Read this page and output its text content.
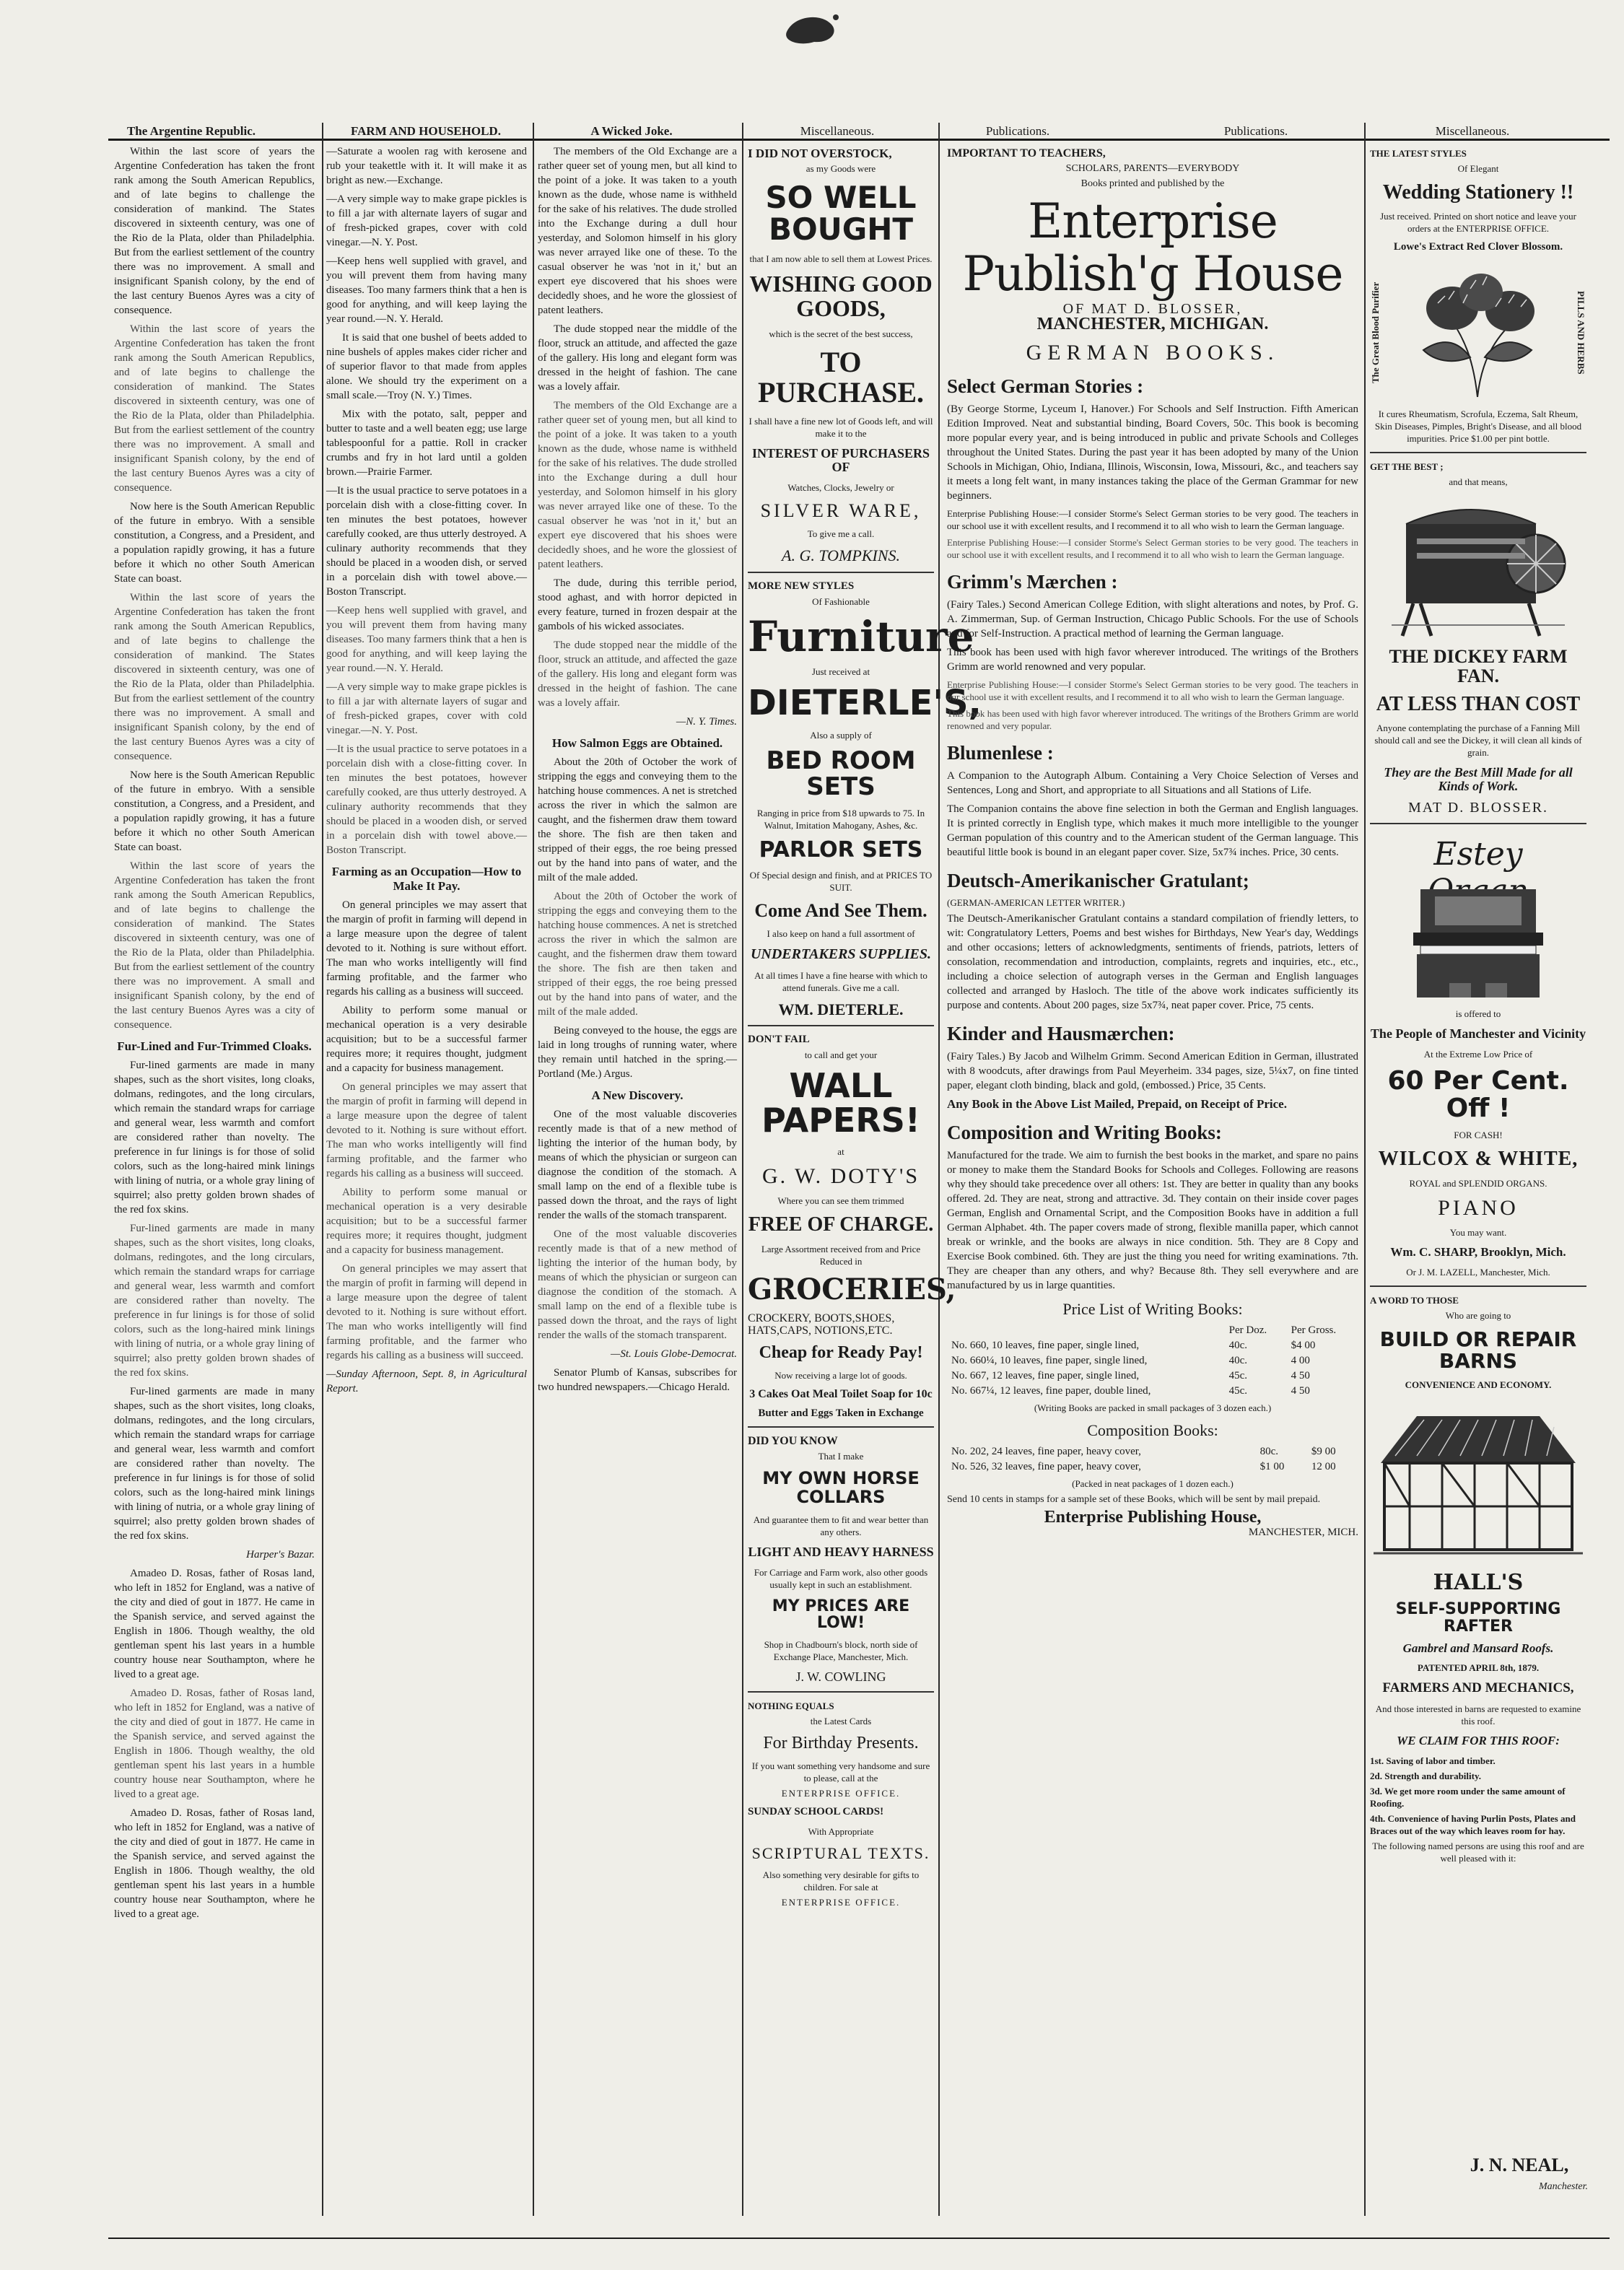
The Argentine Republic.	FARM AND HOUSEHOLD.	A Wicked Joke.	Miscellaneous.	Publications.	Publications.	Miscellaneous.

Within the last score of years the Argentine Confederation has taken the front rank among the South American Republics, and of late begins to challenge the consideration of mankind. The States discovered in sixteenth century, was one of the Rio de la Plata, older than Philadelphia. But from the earliest settlement of the country there was no improvement. A small and insignificant Spanish colony, by the end of the last century Buenos Ayres was a city of consequence.

Within the last score of years the Argentine Confederation has taken the front rank among the South American Republics, and of late begins to challenge the consideration of mankind. The States discovered in sixteenth century, was one of the Rio de la Plata, older than Philadelphia. But from the earliest settlement of the country there was no improvement. A small and insignificant Spanish colony, by the end of the last century Buenos Ayres was a city of consequence.

Now here is the South American Republic of the future in embryo. With a sensible constitution, a Congress, and a President, and a population rapidly growing, it has a future before it which no other South American State can boast.

Within the last score of years the Argentine Confederation has taken the front rank among the South American Republics, and of late begins to challenge the consideration of mankind. The States discovered in sixteenth century, was one of the Rio de la Plata, older than Philadelphia. But from the earliest settlement of the country there was no improvement. A small and insignificant Spanish colony, by the end of the last century Buenos Ayres was a city of consequence.

Now here is the South American Republic of the future in embryo. With a sensible constitution, a Congress, and a President, and a population rapidly growing, it has a future before it which no other South American State can boast.

Within the last score of years the Argentine Confederation has taken the front rank among the South American Republics, and of late begins to challenge the consideration of mankind. The States discovered in sixteenth century, was one of the Rio de la Plata, older than Philadelphia. But from the earliest settlement of the country there was no improvement. A small and insignificant Spanish colony, by the end of the last century Buenos Ayres was a city of consequence.

Fur-Lined and Fur-Trimmed Cloaks.

Fur-lined garments are made in many shapes, such as the short visites, long cloaks, dolmans, redingotes, and the long circulars, which remain the standard wraps for carriage and general wear, less warmth and comfort are considered rather than novelty. The preference in fur linings is for those of solid colors, such as the long-haired mink linings with lining of nutria, or a whole gray lining of squirrel; also pretty golden brown shades of the red fox skins.

Fur-lined garments are made in many shapes, such as the short visites, long cloaks, dolmans, redingotes, and the long circulars, which remain the standard wraps for carriage and general wear, less warmth and comfort are considered rather than novelty. The preference in fur linings is for those of solid colors, such as the long-haired mink linings with lining of nutria, or a whole gray lining of squirrel; also pretty golden brown shades of the red fox skins.

Fur-lined garments are made in many shapes, such as the short visites, long cloaks, dolmans, redingotes, and the long circulars, which remain the standard wraps for carriage and general wear, less warmth and comfort are considered rather than novelty. The preference in fur linings is for those of solid colors, such as the long-haired mink linings with lining of nutria, or a whole gray lining of squirrel; also pretty golden brown shades of the red fox skins.

Harper's Bazar.

Amadeo D. Rosas, father of Rosas land, who left in 1852 for England, was a native of the city and died of gout in 1877. He came in the Spanish service, and served against the English in 1806. Though wealthy, the old gentleman spent his last years in a humble country house near Southampton, where he lived to a great age.

Amadeo D. Rosas, father of Rosas land, who left in 1852 for England, was a native of the city and died of gout in 1877. He came in the Spanish service, and served against the English in 1806. Though wealthy, the old gentleman spent his last years in a humble country house near Southampton, where he lived to a great age.

Amadeo D. Rosas, father of Rosas land, who left in 1852 for England, was a native of the city and died of gout in 1877. He came in the Spanish service, and served against the English in 1806. Though wealthy, the old gentleman spent his last years in a humble country house near Southampton, where he lived to a great age.

—Saturate a woolen rag with kerosene and rub your teakettle with it. It will make it as bright as new.—Exchange.

—A very simple way to make grape pickles is to fill a jar with alternate layers of sugar and of fresh-picked grapes, cover with cold vinegar.—N. Y. Post.

—Keep hens well supplied with gravel, and you will prevent them from having many diseases. Too many farmers think that a hen is good for anything, and will keep laying the year round.—N. Y. Herald.

It is said that one bushel of beets added to nine bushels of apples makes cider richer and of superior flavor to that made from apples alone. We should try the experiment on a small scale.—Troy (N. Y.) Times.

Mix with the potato, salt, pepper and butter to taste and a well beaten egg; use large tablespoonful for a pattie. Roll in cracker crumbs and fry in hot lard until a golden brown.—Prairie Farmer.

—It is the usual practice to serve potatoes in a porcelain dish with a close-fitting cover. In ten minutes the best potatoes, however carefully cooked, are thus utterly destroyed. A culinary authority recommends that they should be placed in a wooden dish, or served in a porcelain dish with towel above.—Boston Transcript.

—Keep hens well supplied with gravel, and you will prevent them from having many diseases. Too many farmers think that a hen is good for anything, and will keep laying the year round.—N. Y. Herald.

—A very simple way to make grape pickles is to fill a jar with alternate layers of sugar and of fresh-picked grapes, cover with cold vinegar.—N. Y. Post.

—It is the usual practice to serve potatoes in a porcelain dish with a close-fitting cover. In ten minutes the best potatoes, however carefully cooked, are thus utterly destroyed. A culinary authority recommends that they should be placed in a wooden dish, or served in a porcelain dish with towel above.—Boston Transcript.

Farming as an Occupation—How to Make It Pay.

On general principles we may assert that the margin of profit in farming will depend in a large measure upon the degree of talent devoted to it. Nothing is sure without effort. The man who works intelligently will find farming profitable, and the farmer who regards his calling as a business will succeed.

Ability to perform some manual or mechanical operation is a very desirable acquisition; but to be a successful farmer requires more; it requires thought, judgment and a capacity for business management.

On general principles we may assert that the margin of profit in farming will depend in a large measure upon the degree of talent devoted to it. Nothing is sure without effort. The man who works intelligently will find farming profitable, and the farmer who regards his calling as a business will succeed.

Ability to perform some manual or mechanical operation is a very desirable acquisition; but to be a successful farmer requires more; it requires thought, judgment and a capacity for business management.

On general principles we may assert that the margin of profit in farming will depend in a large measure upon the degree of talent devoted to it. Nothing is sure without effort. The man who works intelligently will find farming profitable, and the farmer who regards his calling as a business will succeed.

—Sunday Afternoon, Sept. 8, in Agricultural Report.

The members of the Old Exchange are a rather queer set of young men, but all kind to the point of a joke. It was taken to a youth known as the dude, whose name is withheld for the sake of his relatives. The dude strolled into the Exchange during a dull hour yesterday, and Solomon himself in his glory was never arrayed like one of these. To the casual observer he was 'not in it,' but an expert eye discovered that his shoes were decidedly shoes, and he wore the glossiest of patent leathers.

The dude stopped near the middle of the floor, struck an attitude, and affected the gaze of the gallery. His long and elegant form was dressed in the height of fashion. The cane was a lovely affair.

The members of the Old Exchange are a rather queer set of young men, but all kind to the point of a joke. It was taken to a youth known as the dude, whose name is withheld for the sake of his relatives. The dude strolled into the Exchange during a dull hour yesterday, and Solomon himself in his glory was never arrayed like one of these. To the casual observer he was 'not in it,' but an expert eye discovered that his shoes were decidedly shoes, and he wore the glossiest of patent leathers.

The dude, during this terrible period, stood aghast, and with horror depicted in every feature, turned in frozen despair at the gambols of his wicked associates.

The dude stopped near the middle of the floor, struck an attitude, and affected the gaze of the gallery. His long and elegant form was dressed in the height of fashion. The cane was a lovely affair.

—N. Y. Times.

How Salmon Eggs are Obtained.

About the 20th of October the work of stripping the eggs and conveying them to the hatching house commences. A net is stretched across the river in which the salmon are caught, and the fishermen draw them toward the shore. The fish are then taken and stripped of their eggs, the roe being pressed out by the hand into pans of water, and the milt of the male added.

About the 20th of October the work of stripping the eggs and conveying them to the hatching house commences. A net is stretched across the river in which the salmon are caught, and the fishermen draw them toward the shore. The fish are then taken and stripped of their eggs, the roe being pressed out by the hand into pans of water, and the milt of the male added.

Being conveyed to the house, the eggs are laid in long troughs of running water, where they remain until hatched in the spring.—Portland (Me.) Argus.

A New Discovery.

One of the most valuable discoveries recently made is that of a new method of lighting the interior of the human body, by means of which the physician or surgeon can diagnose the condition of the stomach. A small lamp on the end of a flexible tube is passed down the throat, and the rays of light render the walls of the stomach transparent.

One of the most valuable discoveries recently made is that of a new method of lighting the interior of the human body, by means of which the physician or surgeon can diagnose the condition of the stomach. A small lamp on the end of a flexible tube is passed down the throat, and the rays of light render the walls of the stomach transparent.

—St. Louis Globe-Democrat.

Senator Plumb of Kansas, subscribes for two hundred newspapers.—Chicago Herald.

I DID NOT OVERSTOCK,
as my Goods were
SO WELL BOUGHT
that I am now able to sell them at Lowest Prices.
WISHING GOOD GOODS,
which is the secret of the best success,
TO PURCHASE.
I shall have a fine new lot of Goods left, and will make it to the
INTEREST OF PURCHASERS OF
Watches, Clocks, Jewelry or
SILVER WARE,
To give me a call.
A. G. TOMPKINS.
MORE NEW STYLES
Of Fashionable
Furniture
Just received at
DIETERLE'S,
Also a supply of
BED ROOM SETS
Ranging in price from $18 upwards to 75. In Walnut, Imitation Mahogany, Ashes, &c.
PARLOR SETS
Of Special design and finish, and at PRICES TO SUIT.
Come And See Them.
I also keep on hand a full assortment of
UNDERTAKERS SUPPLIES.
At all times I have a fine hearse with which to attend funerals. Give me a call.
WM. DIETERLE.
DON'T FAIL
to call and get your
WALL PAPERS!
at
G. W. DOTY'S
Where you can see them trimmed
FREE OF CHARGE.
Large Assortment received from and Price Reduced in
GROCERIES,
CROCKERY, BOOTS,SHOES, HATS,CAPS, NOTIONS,ETC.
Cheap for Ready Pay!
Now receiving a large lot of goods.
3 Cakes Oat Meal Toilet Soap for 10c
Butter and Eggs Taken in Exchange
DID YOU KNOW
That I make
MY OWN HORSE COLLARS
And guarantee them to fit and wear better than any others.
LIGHT AND HEAVY HARNESS
For Carriage and Farm work, also other goods usually kept in such an establishment.
MY PRICES ARE LOW!
Shop in Chadbourn's block, north side of Exchange Place, Manchester, Mich.
J. W. COWLING
NOTHING EQUALS
the Latest Cards
For Birthday Presents.
If you want something very handsome and sure to please, call at the
ENTERPRISE OFFICE.
SUNDAY SCHOOL CARDS!
With Appropriate
SCRIPTURAL TEXTS.
Also something very desirable for gifts to children. For sale at
ENTERPRISE OFFICE.
IMPORTANT TO TEACHERS,
SCHOLARS, PARENTS—EVERYBODY
Books printed and published by the
Enterprise Publish'g House
OF MAT D. BLOSSER,
MANCHESTER, MICHIGAN.
GERMAN BOOKS.
Select German Stories :

(By George Storme, Lyceum I, Hanover.) For Schools and Self Instruction. Fifth American Edition Improved. Neat and substantial binding, Board Covers, 50c. This book is becoming more popular every year, and is being introduced in public and private Schools and Colleges throughout the United States. During the past year it has been adopted by many of the Union Schools in Michigan, Ohio, Indiana, Illinois, Wisconsin, Iowa, Missouri, &c., and teachers say it meets a long felt want, in many instances taking the place of the German Grammar for new beginners.

Enterprise Publishing House:—I consider Storme's Select German stories to be very good. The teachers in our school use it with excellent results, and I recommend it to all who wish to learn the German language.

Enterprise Publishing House:—I consider Storme's Select German stories to be very good. The teachers in our school use it with excellent results, and I recommend it to all who wish to learn the German language.

Grimm's Mærchen :

(Fairy Tales.) Second American College Edition, with slight alterations and notes, by Prof. G. A. Zimmerman, Sup. of German Instruction, Chicago Public Schools. For the use of Schools and for Self-Instruction. A practical method of learning the German language.

This book has been used with high favor wherever introduced. The writings of the Brothers Grimm are world renowned and very popular.

Enterprise Publishing House:—I consider Storme's Select German stories to be very good. The teachers in our school use it with excellent results, and I recommend it to all who wish to learn the German language.

This book has been used with high favor wherever introduced. The writings of the Brothers Grimm are world renowned and very popular.

Blumenlese :

A Companion to the Autograph Album. Containing a Very Choice Selection of Verses and Sentences, Long and Short, and appropriate to all Situations and all Stations of Life.

The Companion contains the above fine selection in both the German and English languages. It is printed correctly in English type, which makes it much more intelligible to the younger German population of this country and to the American student of the German language. This beautiful little book is bound in an elegant paper cover. Size, 5x7¾ inches. Price, 30 cents.

Deutsch-Amerikanischer Gratulant;
(GERMAN-AMERICAN LETTER WRITER.)

The Deutsch-Amerikanischer Gratulant contains a standard compilation of friendly letters, to wit: Congratulatory Letters, Poems and best wishes for Birthdays, New Year's day, Weddings and other occasions; letters of acknowledgments, sentiments of friends, patriots, letters of consolation, recommendation and introduction, complaints, regrets and inquiries, etc., etc., including a choice selection of autograph verses in the German and English languages collected and arranged by Hasloch. The title of the above work indicates sufficiently its purpose and contents. About 200 pages, size 5x7¾, neat paper cover. Price, 75 cents.

Kinder and Hausmærchen:

(Fairy Tales.) By Jacob and Wilhelm Grimm. Second American Edition in German, illustrated with 8 woodcuts, after drawings from Paul Meyerheim. 334 pages, size, 5¼x7, on fine tinted paper, elegant cloth binding, black and gold, (embossed.) Price, 35 Cents.

Any Book in the Above List Mailed, Prepaid, on Receipt of Price.

Composition and Writing Books:

Manufactured for the trade. We aim to furnish the best books in the market, and spare no pains or money to make them the Standard Books for Schools and Colleges. Following are reasons why they should take precedence over all others: 1st. They are better in quality than any books offered. 2d. They are neat, strong and attractive. 3d. They contain on their inside cover pages German, English and Ornamental Script, and the Composition Books have in addition a full German Alphabet. 4th. The paper covers made of strong, flexible manilla paper, which cannot break or wrinkle, and the books are always in nice condition. 5th. They are 8 Copy and Exercise Book combined. 6th. They are just the thing you need for writing examinations. 7th. They are cheaper than any others, and why? Because 8th. They sell everywhere and are manufactured by us in large quantities.

Price List of Writing Books:
	Per Doz.	Per Gross.
No. 660, 10 leaves, fine paper, single lined,	40c.	$4 00
No. 660¼, 10 leaves, fine paper, single lined,	40c.	4 00
No. 667, 12 leaves, fine paper, single lined,	45c.	4 50
No. 667¼, 12 leaves, fine paper, double lined,	45c.	4 50
(Writing Books are packed in small packages of 3 dozen each.)
Composition Books:
No. 202, 24 leaves, fine paper, heavy cover,	80c.	$9 00
No. 526, 32 leaves, fine paper, heavy cover,	$1 00	12 00
(Packed in neat packages of 1 dozen each.)

Send 10 cents in stamps for a sample set of these Books, which will be sent by mail prepaid.

Enterprise Publishing House,
MANCHESTER, MICH.
THE LATEST STYLES
Of Elegant
Wedding Stationery !!
Just received. Printed on short notice and leave your orders at the ENTERPRISE OFFICE.
Lowe's Extract Red Clover Blossom.
The Great Blood Purifier	PILLS AND HERBS
It cures Rheumatism, Scrofula, Eczema, Salt Rheum, Skin Diseases, Pimples, Bright's Disease, and all blood impurities. Price $1.00 per pint bottle.
GET THE BEST ;
and that means,
THE DICKEY FARM FAN.
AT LESS THAN COST
Anyone contemplating the purchase of a Fanning Mill should call and see the Dickey, it will clean all kinds of grain.
They are the Best Mill Made for all Kinds of Work.
MAT D. BLOSSER.
Estey
is offered to
The People of Manchester and Vicinity
At the Extreme Low Price of
60 Per Cent. Off !
FOR CASH!
WILCOX & WHITE,
ROYAL and SPLENDID ORGANS.
PIANO
You may want.
Wm. C. SHARP, Brooklyn, Mich.
Or J. M. LAZELL, Manchester, Mich.
A WORD TO THOSE
Who are going to
BUILD OR REPAIR BARNS
CONVENIENCE AND ECONOMY.
HALL'S
SELF-SUPPORTING RAFTER
Gambrel and Mansard Roofs.
PATENTED APRIL 8th, 1879.
FARMERS AND MECHANICS,
And those interested in barns are requested to examine this roof.
WE CLAIM FOR THIS ROOF:
1st. Saving of labor and timber.
2d. Strength and durability.
3d. We get more room under the same amount of Roofing.
4th. Convenience of having Purlin Posts, Plates and Braces out of the way which leaves room for hay.
The following named persons are using this roof and are well pleased with it:
J. N. NEAL,
Manchester.
